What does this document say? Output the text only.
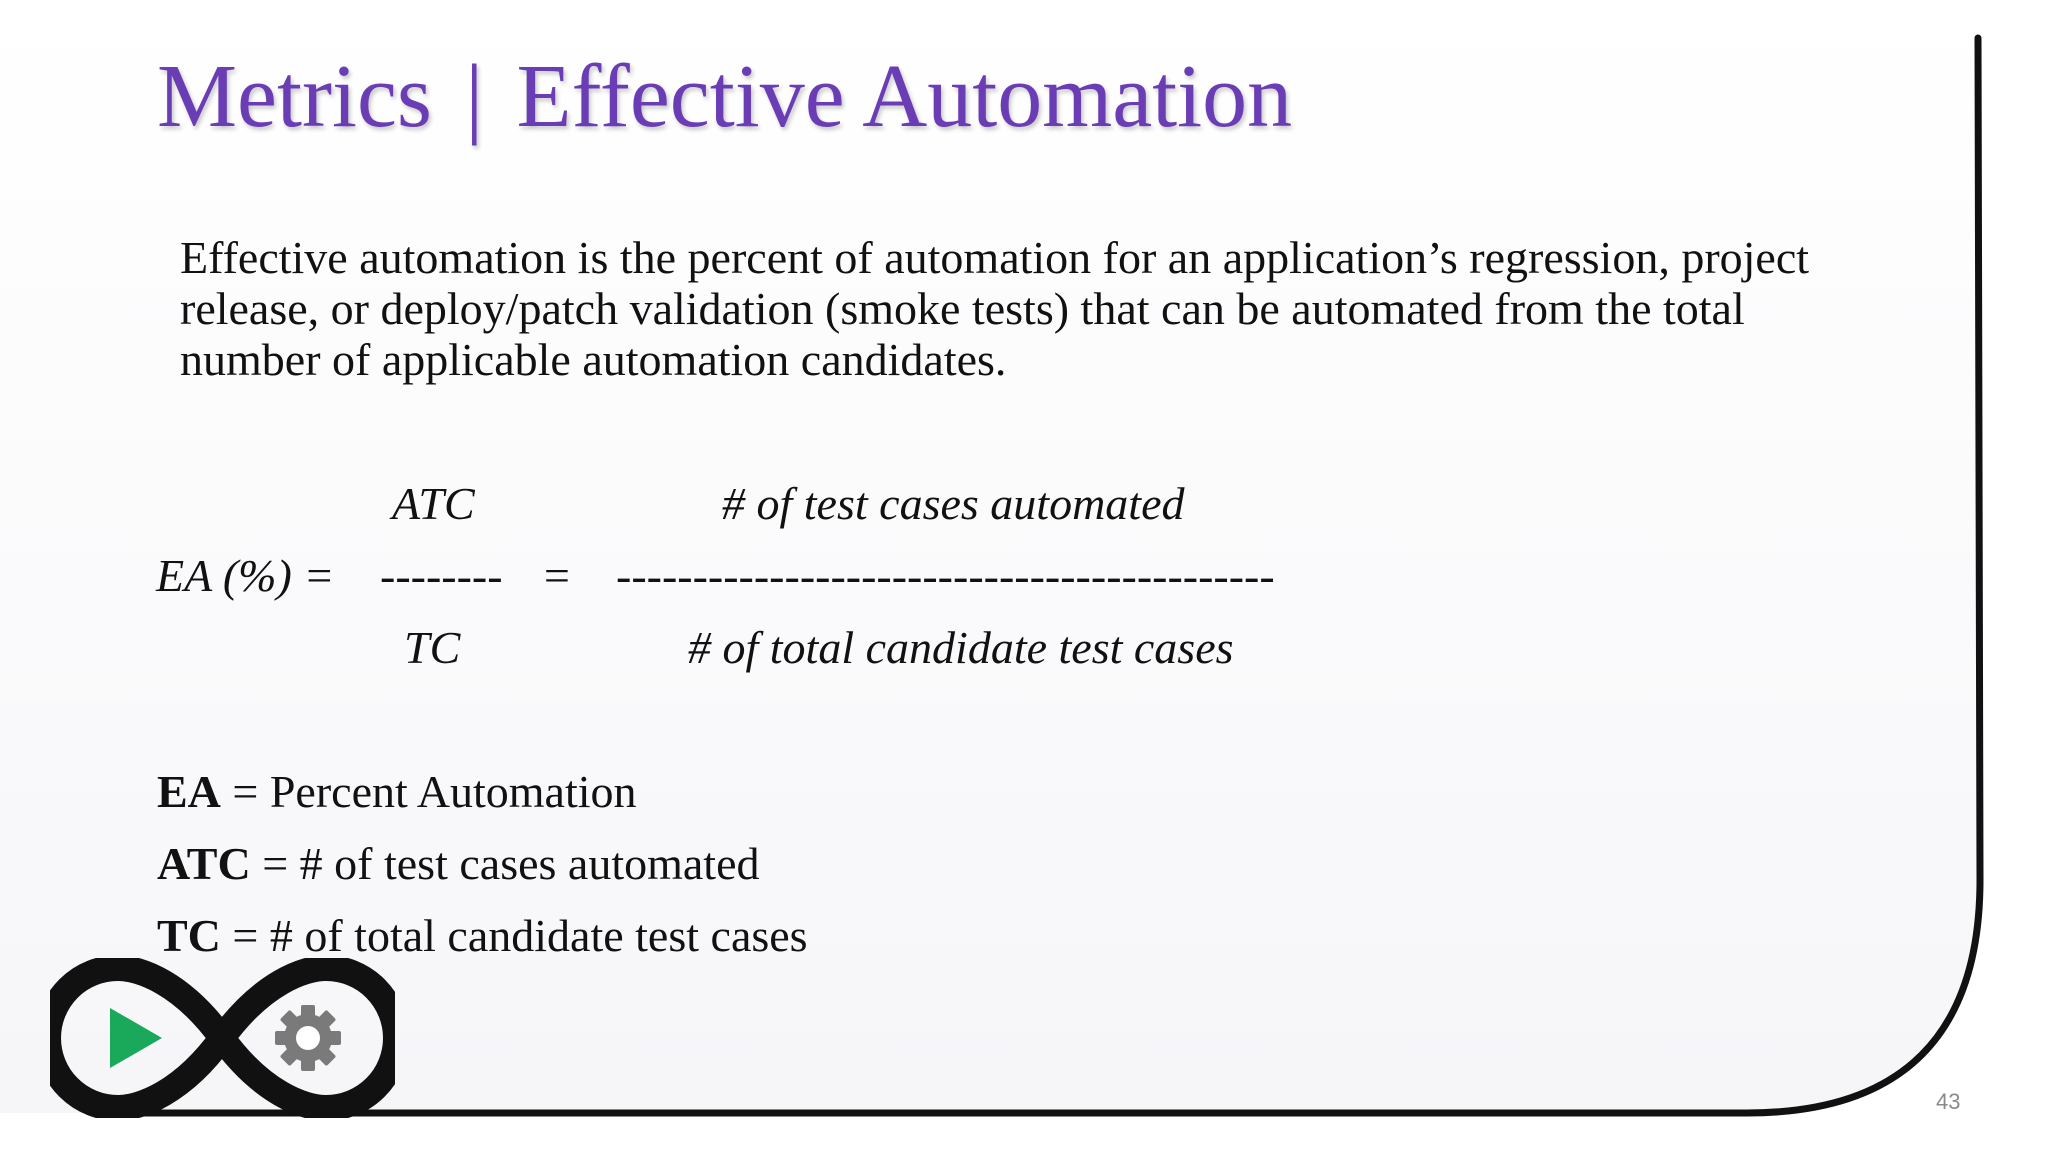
Metrics | Effective Automation
Effective automation is the percent of automation for an application’s regression, project release, or deploy/patch validation (smoke tests) that can be automated from the total number of applicable automation candidates.
ATC	# of test cases automated
EA (%) = -------- = -------------------------------------------
TC	# of total candidate test cases
EA = Percent Automation
ATC = # of test cases automated
TC = # of total candidate test cases
43
